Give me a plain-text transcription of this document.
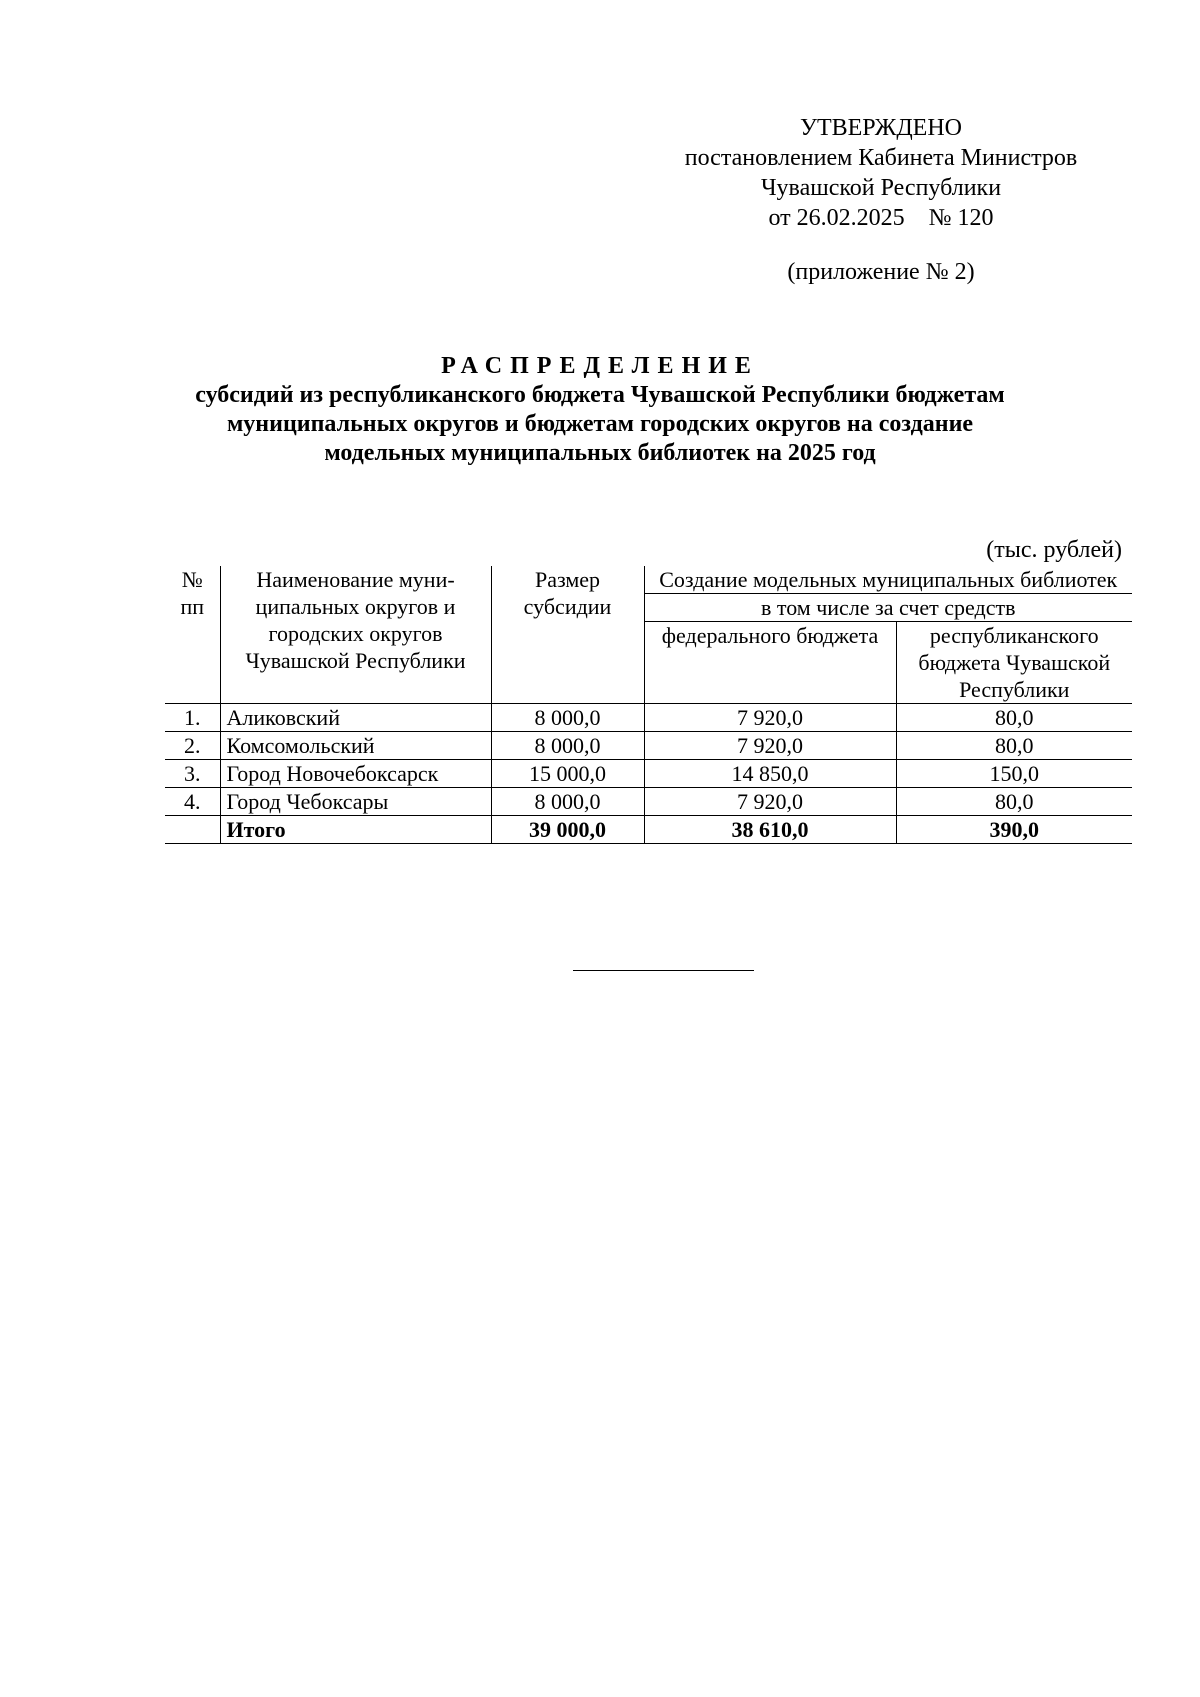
УТВЕРЖДЕНО
постановлением Кабинета Министров
Чувашской Республики
от 26.02.2025    № 120
(приложение № 2)
РАСПРЕДЕЛЕНИЕ
субсидий из республиканского бюджета Чувашской Республики бюджетам
муниципальных округов и бюджетам городских округов на создание
модельных муниципальных библиотек на 2025 год
(тыс. рублей)
№ пп	Наименование муни-ципальных округов и городских округов Чувашской Республики	Размер субсидии	Создание модельных муниципальных библиотек	
			в том числе за счет средств	
			федерального бюджета	республиканского бюджета Чувашской Республики
1.	Аликовский	8 000,0	7 920,0	80,0
2.	Комсомольский	8 000,0	7 920,0	80,0
3.	Город Новочебоксарск	15 000,0	14 850,0	150,0
4.	Город Чебоксары	8 000,0	7 920,0	80,0
	Итого	39 000,0	38 610,0	390,0
